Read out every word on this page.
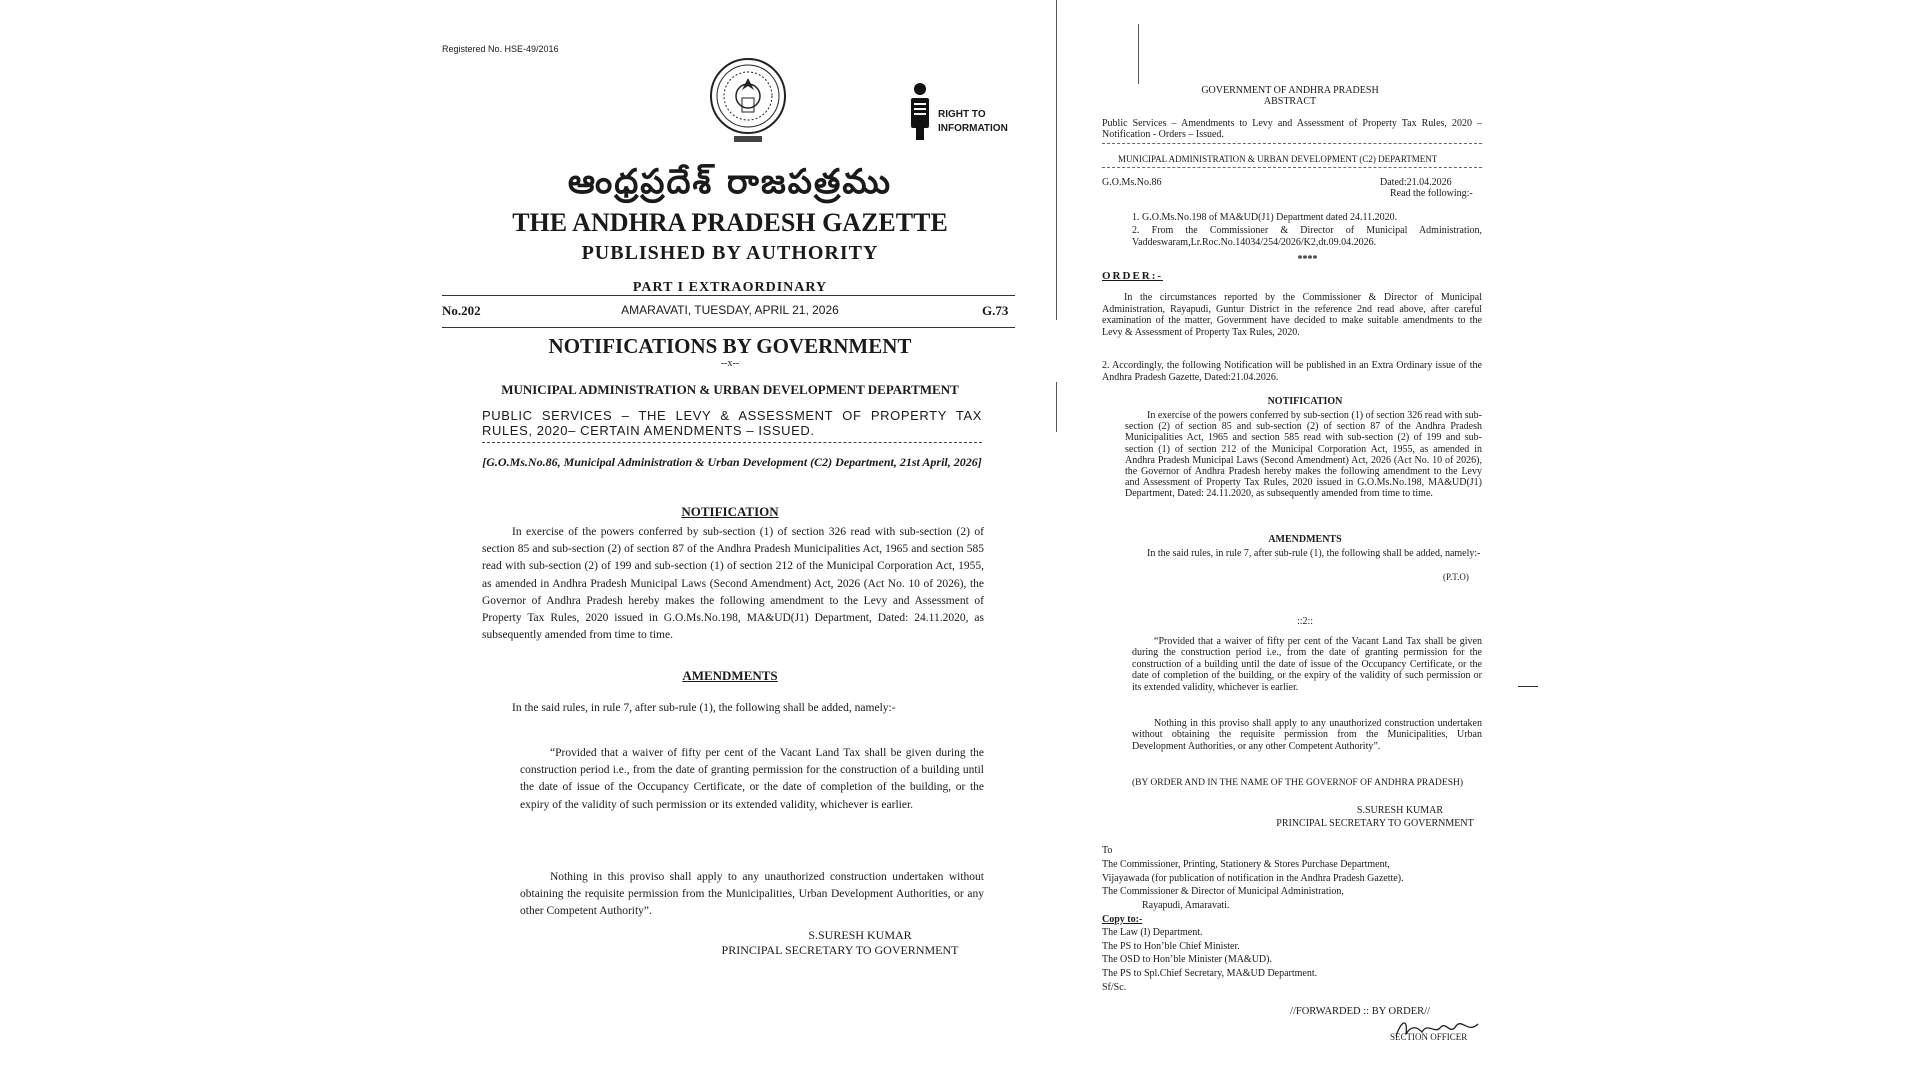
Registered No. HSE-49/2016
RIGHT TO
INFORMATION
ఆంధ్రప్రదేశ్ రాజపత్రము
THE ANDHRA PRADESH GAZETTE
PUBLISHED BY AUTHORITY
PART I EXTRAORDINARY
No.202	AMARAVATI, TUESDAY, APRIL 21, 2026	G.73
NOTIFICATIONS BY GOVERNMENT
--x--
MUNICIPAL ADMINISTRATION & URBAN DEVELOPMENT DEPARTMENT
PUBLIC SERVICES – THE LEVY & ASSESSMENT OF PROPERTY TAX RULES, 2020– CERTAIN AMENDMENTS – ISSUED.
[G.O.Ms.No.86, Municipal Administration & Urban Development (C2) Department, 21st April, 2026]
NOTIFICATION
In exercise of the powers conferred by sub-section (1) of section 326 read with sub-section (2) of section 85 and sub-section (2) of section 87 of the Andhra Pradesh Municipalities Act, 1965 and section 585 read with sub-section (2) of 199 and sub-section (1) of section 212 of the Municipal Corporation Act, 1955, as amended in Andhra Pradesh Municipal Laws (Second Amendment) Act, 2026 (Act No. 10 of 2026), the Governor of Andhra Pradesh hereby makes the following amendment to the Levy and Assessment of Property Tax Rules, 2020 issued in G.O.Ms.No.198, MA&UD(J1) Department, Dated: 24.11.2020, as subsequently amended from time to time.
AMENDMENTS
In the said rules, in rule 7, after sub-rule (1), the following shall be added, namely:-
“Provided that a waiver of fifty per cent of the Vacant Land Tax shall be given during the construction period i.e., from the date of granting permission for the construction of a building until the date of issue of the Occupancy Certificate, or the date of completion of the building, or the expiry of the validity of such permission or its extended validity, whichever is earlier.
Nothing in this proviso shall apply to any unauthorized construction undertaken without obtaining the requisite permission from the Municipalities, Urban Development Authorities, or any other Competent Authority”.
S.SURESH KUMAR
PRINCIPAL SECRETARY TO GOVERNMENT
GOVERNMENT OF ANDHRA PRADESH
ABSTRACT
Public Services – Amendments to Levy and Assessment of Property Tax Rules, 2020 – Notification - Orders – Issued.
MUNICIPAL ADMINISTRATION & URBAN DEVELOPMENT (C2) DEPARTMENT
G.O.Ms.No.86	Dated:21.04.2026
Read the following:-
1. G.O.Ms.No.198 of MA&UD(J1) Department dated 24.11.2020.
2. From the Commissioner & Director of Municipal Administration, Vaddeswaram,Lr.Roc.No.14034/254/2026/K2,dt.09.04.2026.
****
ORDER:-
In the circumstances reported by the Commissioner & Director of Municipal Administration, Rayapudi, Guntur District in the reference 2nd read above, after careful examination of the matter, Government have decided to make suitable amendments to the Levy & Assessment of Property Tax Rules, 2020.
2. Accordingly, the following Notification will be published in an Extra Ordinary issue of the Andhra Pradesh Gazette, Dated:21.04.2026.
NOTIFICATION
In exercise of the powers conferred by sub-section (1) of section 326 read with sub-section (2) of section 85 and sub-section (2) of section 87 of the Andhra Pradesh Municipalities Act, 1965 and section 585 read with sub-section (2) of 199 and sub-section (1) of section 212 of the Municipal Corporation Act, 1955, as amended in Andhra Pradesh Municipal Laws (Second Amendment) Act, 2026 (Act No. 10 of 2026), the Governor of Andhra Pradesh hereby makes the following amendment to the Levy and Assessment of Property Tax Rules, 2020 issued in G.O.Ms.No.198, MA&UD(J1) Department, Dated: 24.11.2020, as subsequently amended from time to time.
AMENDMENTS
In the said rules, in rule 7, after sub-rule (1), the following shall be added, namely:-
(P.T.O)
::2::
“Provided that a waiver of fifty per cent of the Vacant Land Tax shall be given during the construction period i.e., from the date of granting permission for the construction of a building until the date of issue of the Occupancy Certificate, or the date of completion of the building, or the expiry of the validity of such permission or its extended validity, whichever is earlier.
Nothing in this proviso shall apply to any unauthorized construction undertaken without obtaining the requisite permission from the Municipalities, Urban Development Authorities, or any other Competent Authority”.
(BY ORDER AND IN THE NAME OF THE GOVERNOF OF ANDHRA PRADESH)
S.SURESH KUMAR
PRINCIPAL SECRETARY TO GOVERNMENT
To
The Commissioner, Printing, Stationery & Stores Purchase Department,
Vijayawada (for publication of notification in the Andhra Pradesh Gazette).
The Commissioner & Director of Municipal Administration,
Rayapudi, Amaravati.
Copy to:-
The Law (I) Department.
The PS to Hon’ble Chief Minister.
The OSD to Hon’ble Minister (MA&UD).
The PS to Spl.Chief Secretary, MA&UD Department.
Sf/Sc.
//FORWARDED :: BY ORDER//
SECTION OFFICER
